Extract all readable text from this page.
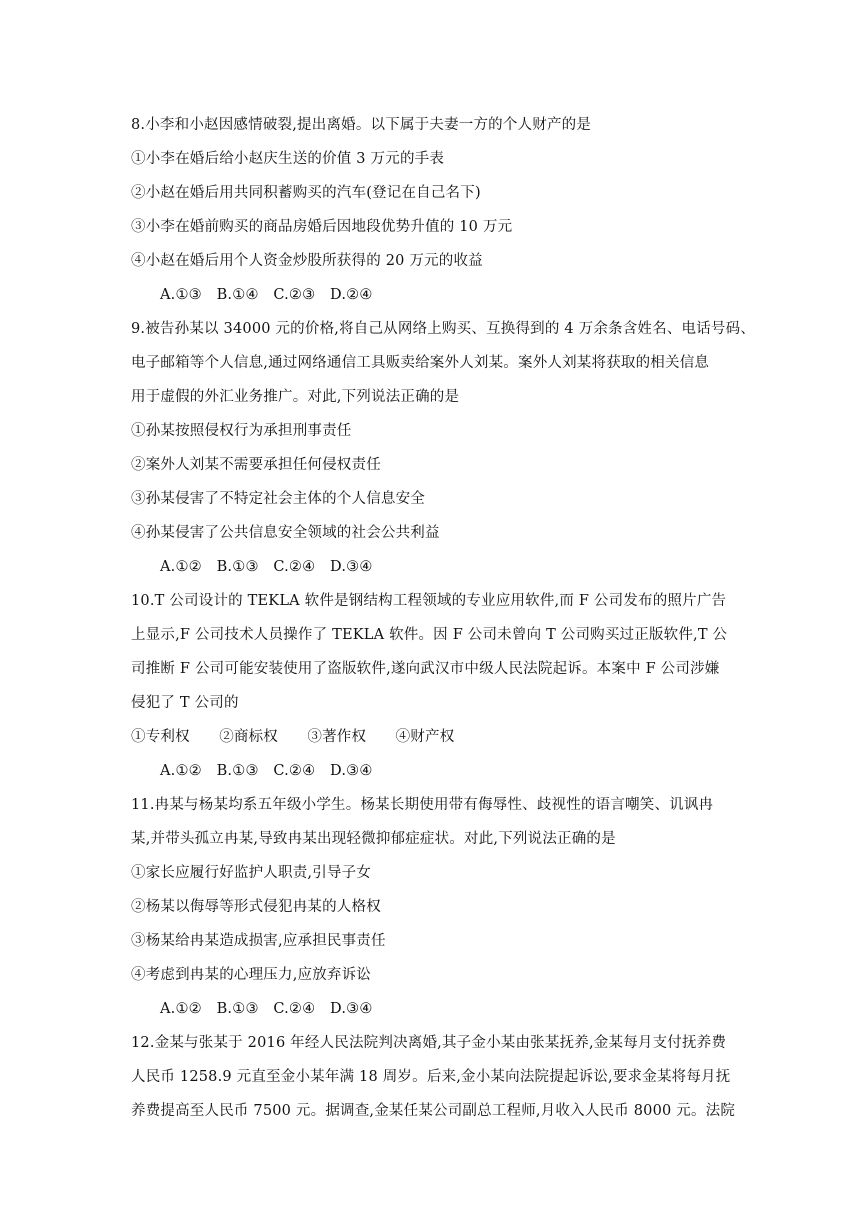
8.小李和小赵因感情破裂,提出离婚。以下属于夫妻一方的个人财产的是
①小李在婚后给小赵庆生送的价值 3 万元的手表
②小赵在婚后用共同积蓄购买的汽车(登记在自己名下)
③小李在婚前购买的商品房婚后因地段优势升值的 10 万元
④小赵在婚后用个人资金炒股所获得的 20 万元的收益
A.①③　B.①④　C.②③　D.②④
9.被告孙某以 34000 元的价格,将自己从网络上购买、互换得到的 4 万余条含姓名、电话号码、
电子邮箱等个人信息,通过网络通信工具贩卖给案外人刘某。案外人刘某将获取的相关信息
用于虚假的外汇业务推广。对此,下列说法正确的是
①孙某按照侵权行为承担刑事责任
②案外人刘某不需要承担任何侵权责任
③孙某侵害了不特定社会主体的个人信息安全
④孙某侵害了公共信息安全领域的社会公共利益
A.①②　B.①③　C.②④　D.③④
10.T 公司设计的 TEKLA 软件是钢结构工程领域的专业应用软件,而 F 公司发布的照片广告
上显示,F 公司技术人员操作了 TEKLA 软件。因 F 公司未曾向 T 公司购买过正版软件,T 公
司推断 F 公司可能安装使用了盗版软件,遂向武汉市中级人民法院起诉。本案中 F 公司涉嫌
侵犯了 T 公司的
①专利权　　②商标权　　③著作权　　④财产权
A.①②　B.①③　C.②④　D.③④
11.冉某与杨某均系五年级小学生。杨某长期使用带有侮辱性、歧视性的语言嘲笑、讥讽冉
某,并带头孤立冉某,导致冉某出现轻微抑郁症症状。对此,下列说法正确的是
①家长应履行好监护人职责,引导子女
②杨某以侮辱等形式侵犯冉某的人格权
③杨某给冉某造成损害,应承担民事责任
④考虑到冉某的心理压力,应放弃诉讼
A.①②　B.①③　C.②④　D.③④
12.金某与张某于 2016 年经人民法院判决离婚,其子金小某由张某抚养,金某每月支付抚养费
人民币 1258.9 元直至金小某年满 18 周岁。后来,金小某向法院提起诉讼,要求金某将每月抚
养费提高至人民币 7500 元。据调查,金某任某公司副总工程师,月收入人民币 8000 元。法院
